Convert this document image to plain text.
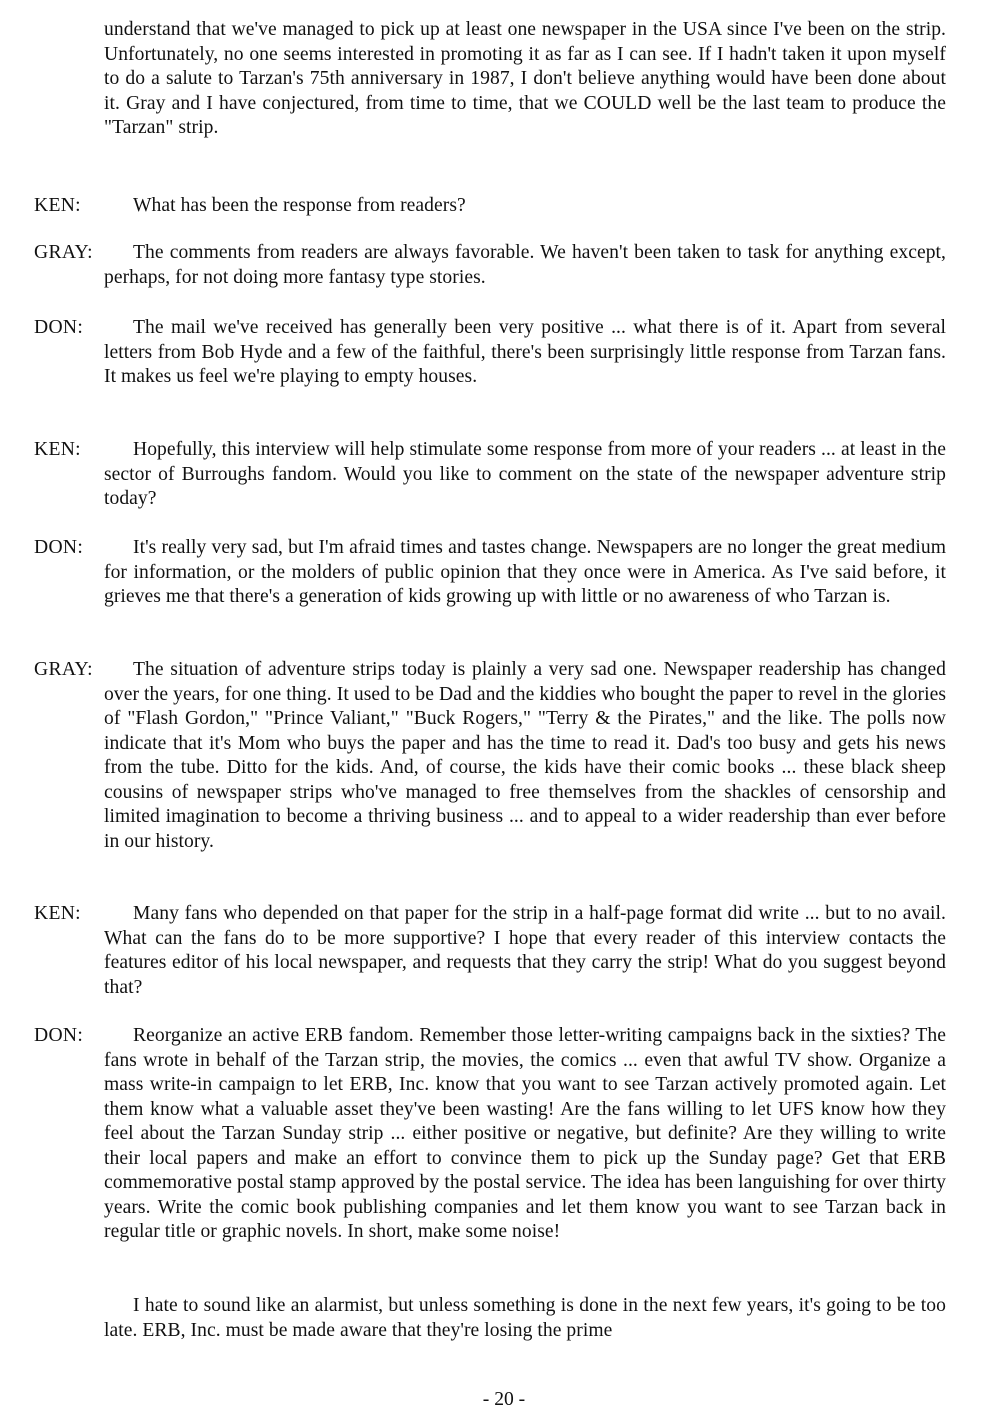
understand that we've managed to pick up at least one newspaper in the USA since I've been on the strip. Unfortunately, no one seems interested in promoting it as far as I can see. If I hadn't taken it upon myself to do a salute to Tarzan's 75th anniversary in 1987, I don't believe anything would have been done about it. Gray and I have conjectured, from time to time, that we COULD well be the last team to produce the "Tarzan" strip.

KEN:	What has been the response from readers?

GRAY:	The comments from readers are always favorable. We haven't been taken to task for anything except, perhaps, for not doing more fantasy type stories.

DON:	The mail we've received has generally been very positive ... what there is of it. Apart from several letters from Bob Hyde and a few of the faithful, there's been surprisingly little response from Tarzan fans. It makes us feel we're playing to empty houses.

KEN:	Hopefully, this interview will help stimulate some response from more of your readers ... at least in the sector of Burroughs fandom. Would you like to comment on the state of the newspaper adventure strip today?

DON:	It's really very sad, but I'm afraid times and tastes change. Newspapers are no longer the great medium for information, or the molders of public opinion that they once were in America. As I've said before, it grieves me that there's a generation of kids growing up with little or no awareness of who Tarzan is.

GRAY:	The situation of adventure strips today is plainly a very sad one. Newspaper readership has changed over the years, for one thing. It used to be Dad and the kiddies who bought the paper to revel in the glories of "Flash Gordon," "Prince Valiant," "Buck Rogers," "Terry & the Pirates," and the like. The polls now indicate that it's Mom who buys the paper and has the time to read it. Dad's too busy and gets his news from the tube. Ditto for the kids. And, of course, the kids have their comic books ... these black sheep cousins of newspaper strips who've managed to free themselves from the shackles of censorship and limited imagination to become a thriving business ... and to appeal to a wider readership than ever before in our history.

KEN:	Many fans who depended on that paper for the strip in a half-page format did write ... but to no avail. What can the fans do to be more supportive? I hope that every reader of this interview contacts the features editor of his local newspaper, and requests that they carry the strip! What do you suggest beyond that?

DON:	Reorganize an active ERB fandom. Remember those letter-writing campaigns back in the sixties? The fans wrote in behalf of the Tarzan strip, the movies, the comics ... even that awful TV show. Organize a mass write-in campaign to let ERB, Inc. know that you want to see Tarzan actively promoted again. Let them know what a valuable asset they've been wasting! Are the fans willing to let UFS know how they feel about the Tarzan Sunday strip ... either positive or negative, but definite? Are they willing to write their local papers and make an effort to convince them to pick up the Sunday page? Get that ERB commemorative postal stamp approved by the postal service. The idea has been languishing for over thirty years. Write the comic book publishing companies and let them know you want to see Tarzan back in regular title or graphic novels. In short, make some noise!

I hate to sound like an alarmist, but unless something is done in the next few years, it's going to be too late. ERB, Inc. must be made aware that they're losing the prime

- 20 -
